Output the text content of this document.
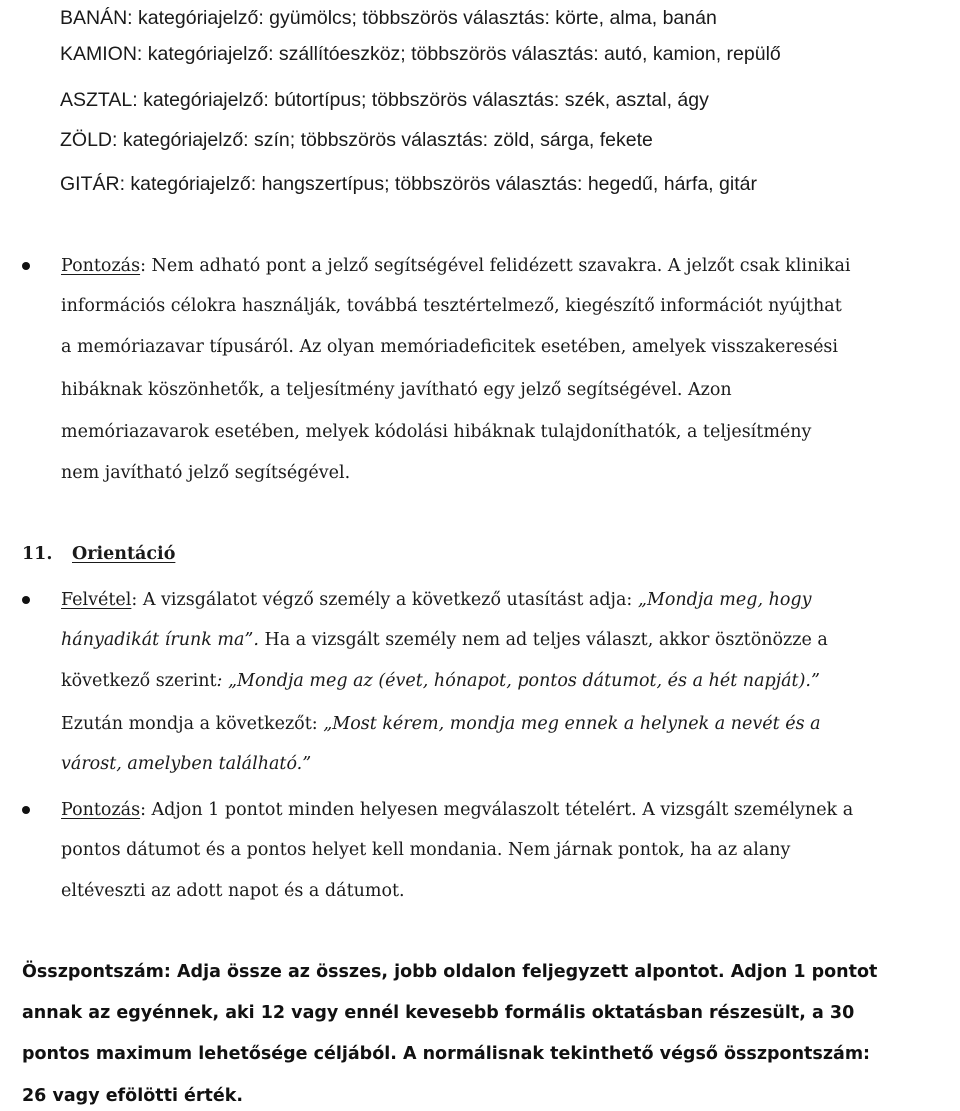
BANÁN: kategóriajelző: gyümölcs; többszörös választás: körte, alma, banán
KAMION: kategóriajelző: szállítóeszköz; többszörös választás: autó, kamion, repülő
ASZTAL: kategóriajelző: bútortípus; többszörös választás: szék, asztal, ágy
ZÖLD: kategóriajelző: szín; többszörös választás: zöld, sárga, fekete
GITÁR: kategóriajelző: hangszertípus; többszörös választás: hegedű, hárfa, gitár
Pontozás: Nem adható pont a jelző segítségével felidézett szavakra. A jelzőt csak klinikai
információs célokra használják, továbbá tesztértelmező, kiegészítő információt nyújthat
a memóriazavar típusáról. Az olyan memóriadeficitek esetében, amelyek visszakeresési
hibáknak köszönhetők, a teljesítmény javítható egy jelző segítségével. Azon
memóriazavarok esetében, melyek kódolási hibáknak tulajdoníthatók, a teljesítmény
nem javítható jelző segítségével.
11. Orientáció
Felvétel: A vizsgálatot végző személy a következő utasítást adja: „Mondja meg, hogy
hányadikát írunk ma”. Ha a vizsgált személy nem ad teljes választ, akkor ösztönözze a
következő szerint: „Mondja meg az (évet, hónapot, pontos dátumot, és a hét napját).”
Ezután mondja a következőt: „Most kérem, mondja meg ennek a helynek a nevét és a
várost, amelyben található.”
Pontozás: Adjon 1 pontot minden helyesen megválaszolt tételért. A vizsgált személynek a
pontos dátumot és a pontos helyet kell mondania. Nem járnak pontok, ha az alany
eltéveszti az adott napot és a dátumot.
Összpontszám: Adja össze az összes, jobb oldalon feljegyzett alpontot. Adjon 1 pontot
annak az egyénnek, aki 12 vagy ennél kevesebb formális oktatásban részesült, a 30
pontos maximum lehetősége céljából. A normálisnak tekinthető végső összpontszám:
26 vagy efölötti érték.
